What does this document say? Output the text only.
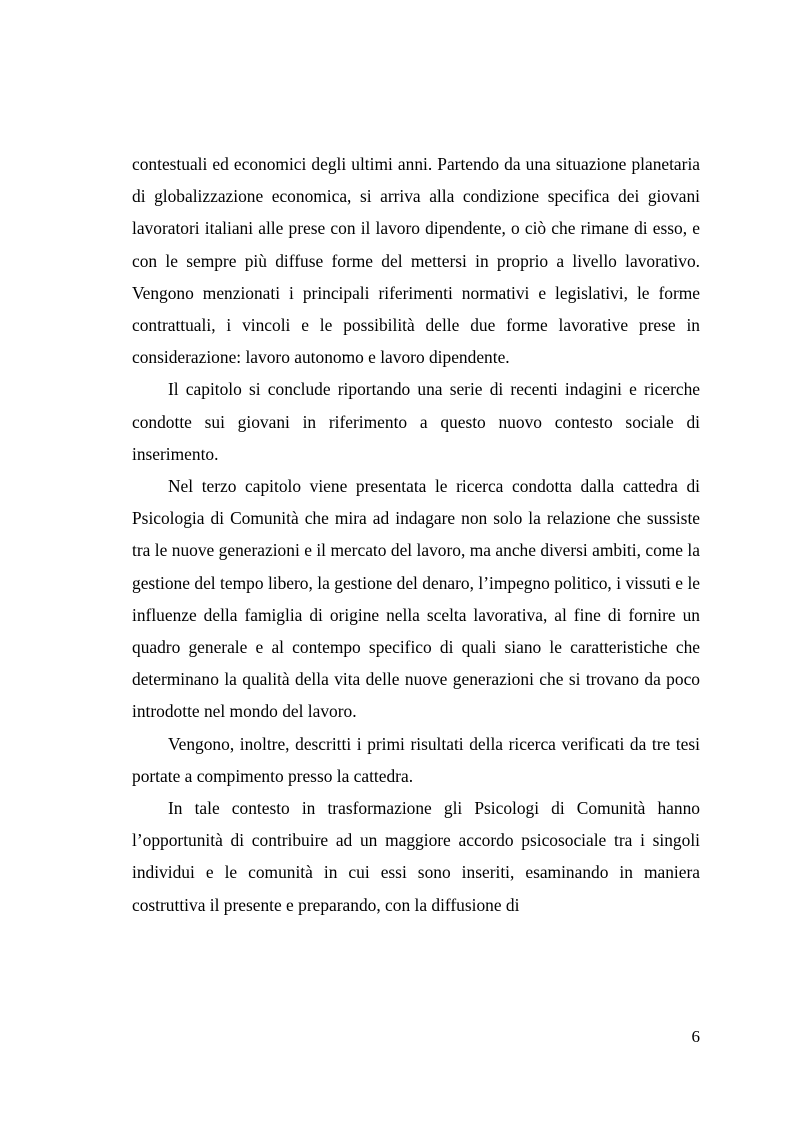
contestuali ed economici degli ultimi anni. Partendo da una situazione planetaria di globalizzazione economica, si arriva alla condizione specifica dei giovani lavoratori italiani alle prese con il lavoro dipendente, o ciò che rimane di esso, e con le sempre più diffuse forme del mettersi in proprio a livello lavorativo. Vengono menzionati i principali riferimenti normativi e legislativi, le forme contrattuali, i vincoli e le possibilità delle due forme lavorative prese in considerazione: lavoro autonomo e lavoro dipendente.

Il capitolo si conclude riportando una serie di recenti indagini e ricerche condotte sui giovani in riferimento a questo nuovo contesto sociale di inserimento.

Nel terzo capitolo viene presentata le ricerca condotta dalla cattedra di Psicologia di Comunità che mira ad indagare non solo la relazione che sussiste tra le nuove generazioni e il mercato del lavoro, ma anche diversi ambiti, come la gestione del tempo libero, la gestione del denaro, l’impegno politico, i vissuti e le influenze della famiglia di origine nella scelta lavorativa, al fine di fornire un quadro generale e al contempo specifico di quali siano le caratteristiche che determinano la qualità della vita delle nuove generazioni che si trovano da poco introdotte nel mondo del lavoro.

Vengono, inoltre, descritti i primi risultati della ricerca verificati da tre tesi portate a compimento presso la cattedra.

In tale contesto in trasformazione gli Psicologi di Comunità hanno l’opportunità di contribuire ad un maggiore accordo psicosociale tra i singoli individui e le comunità in cui essi sono inseriti, esaminando in maniera costruttiva il presente e preparando, con la diffusione di

6
